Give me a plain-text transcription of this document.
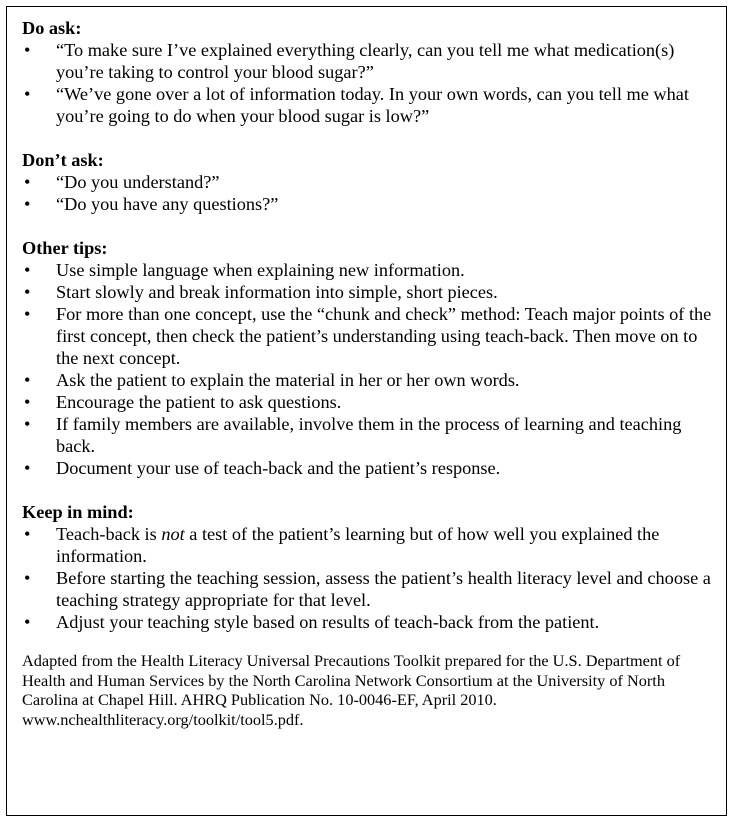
Do ask:
• “To make sure I’ve explained everything clearly, can you tell me what medication(s) you’re taking to control your blood sugar?”
• “We’ve gone over a lot of information today. In your own words, can you tell me what you’re going to do when your blood sugar is low?”
Don’t ask:
• “Do you understand?”
• “Do you have any questions?”
Other tips:
• Use simple language when explaining new information.
• Start slowly and break information into simple, short pieces.
• For more than one concept, use the “chunk and check” method: Teach major points of the first concept, then check the patient’s understanding using teach-back. Then move on to the next concept.
• Ask the patient to explain the material in her or her own words.
• Encourage the patient to ask questions.
• If family members are available, involve them in the process of learning and teaching back.
• Document your use of teach-back and the patient’s response.
Keep in mind:
• Teach-back is not a test of the patient’s learning but of how well you explained the information.
• Before starting the teaching session, assess the patient’s health literacy level and choose a teaching strategy appropriate for that level.
• Adjust your teaching style based on results of teach-back from the patient.
Adapted from the Health Literacy Universal Precautions Toolkit prepared for the U.S. Department of Health and Human Services by the North Carolina Network Consortium at the University of North Carolina at Chapel Hill. AHRQ Publication No. 10-0046-EF, April 2010. www.nchealthliteracy.org/toolkit/tool5.pdf.
